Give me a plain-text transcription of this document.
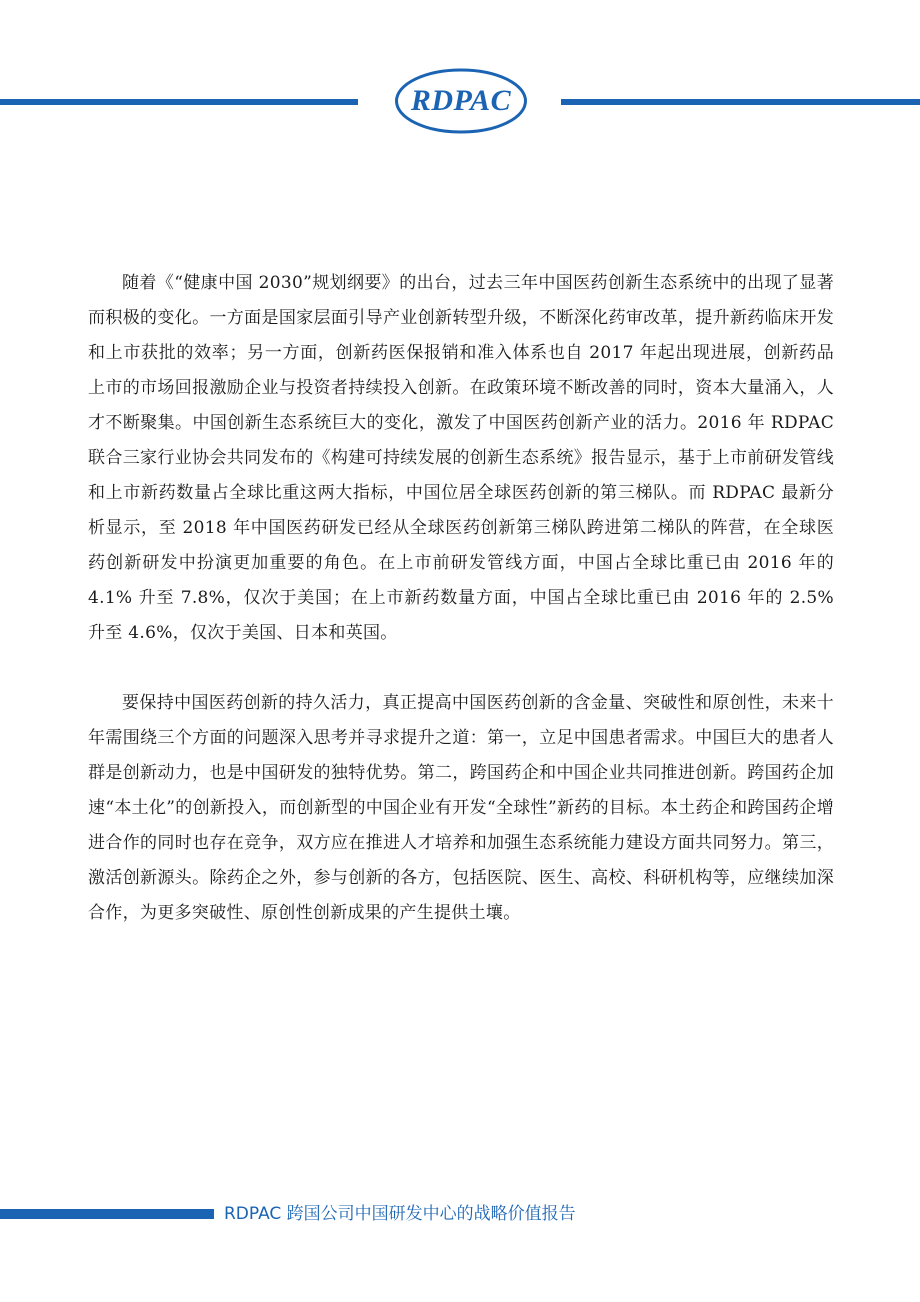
RDPAC

随着《“健康中国 2030”规划纲要》的出台，过去三年中国医药创新生态系统中的出现了显著而积极的变化。一方面是国家层面引导产业创新转型升级，不断深化药审改革，提升新药临床开发和上市获批的效率；另一方面，创新药医保报销和准入体系也自 2017 年起出现进展，创新药品上市的市场回报激励企业与投资者持续投入创新。在政策环境不断改善的同时，资本大量涌入，人才不断聚集。中国创新生态系统巨大的变化，激发了中国医药创新产业的活力。2016 年 RDPAC 联合三家行业协会共同发布的《构建可持续发展的创新生态系统》报告显示，基于上市前研发管线和上市新药数量占全球比重这两大指标，中国位居全球医药创新的第三梯队。而 RDPAC 最新分析显示，至 2018 年中国医药研发已经从全球医药创新第三梯队跨进第二梯队的阵营，在全球医药创新研发中扮演更加重要的角色。在上市前研发管线方面，中国占全球比重已由 2016 年的 4.1% 升至 7.8%，仅次于美国；在上市新药数量方面，中国占全球比重已由 2016 年的 2.5% 升至 4.6%，仅次于美国、日本和英国。

要保持中国医药创新的持久活力，真正提高中国医药创新的含金量、突破性和原创性，未来十年需围绕三个方面的问题深入思考并寻求提升之道：第一，立足中国患者需求。中国巨大的患者人群是创新动力，也是中国研发的独特优势。第二，跨国药企和中国企业共同推进创新。跨国药企加速“本土化”的创新投入，而创新型的中国企业有开发“全球性”新药的目标。本土药企和跨国药企增进合作的同时也存在竞争，双方应在推进人才培养和加强生态系统能力建设方面共同努力。第三，激活创新源头。除药企之外，参与创新的各方，包括医院、医生、高校、科研机构等，应继续加深合作，为更多突破性、原创性创新成果的产生提供土壤。

RDPAC 跨国公司中国研发中心的战略价值报告
